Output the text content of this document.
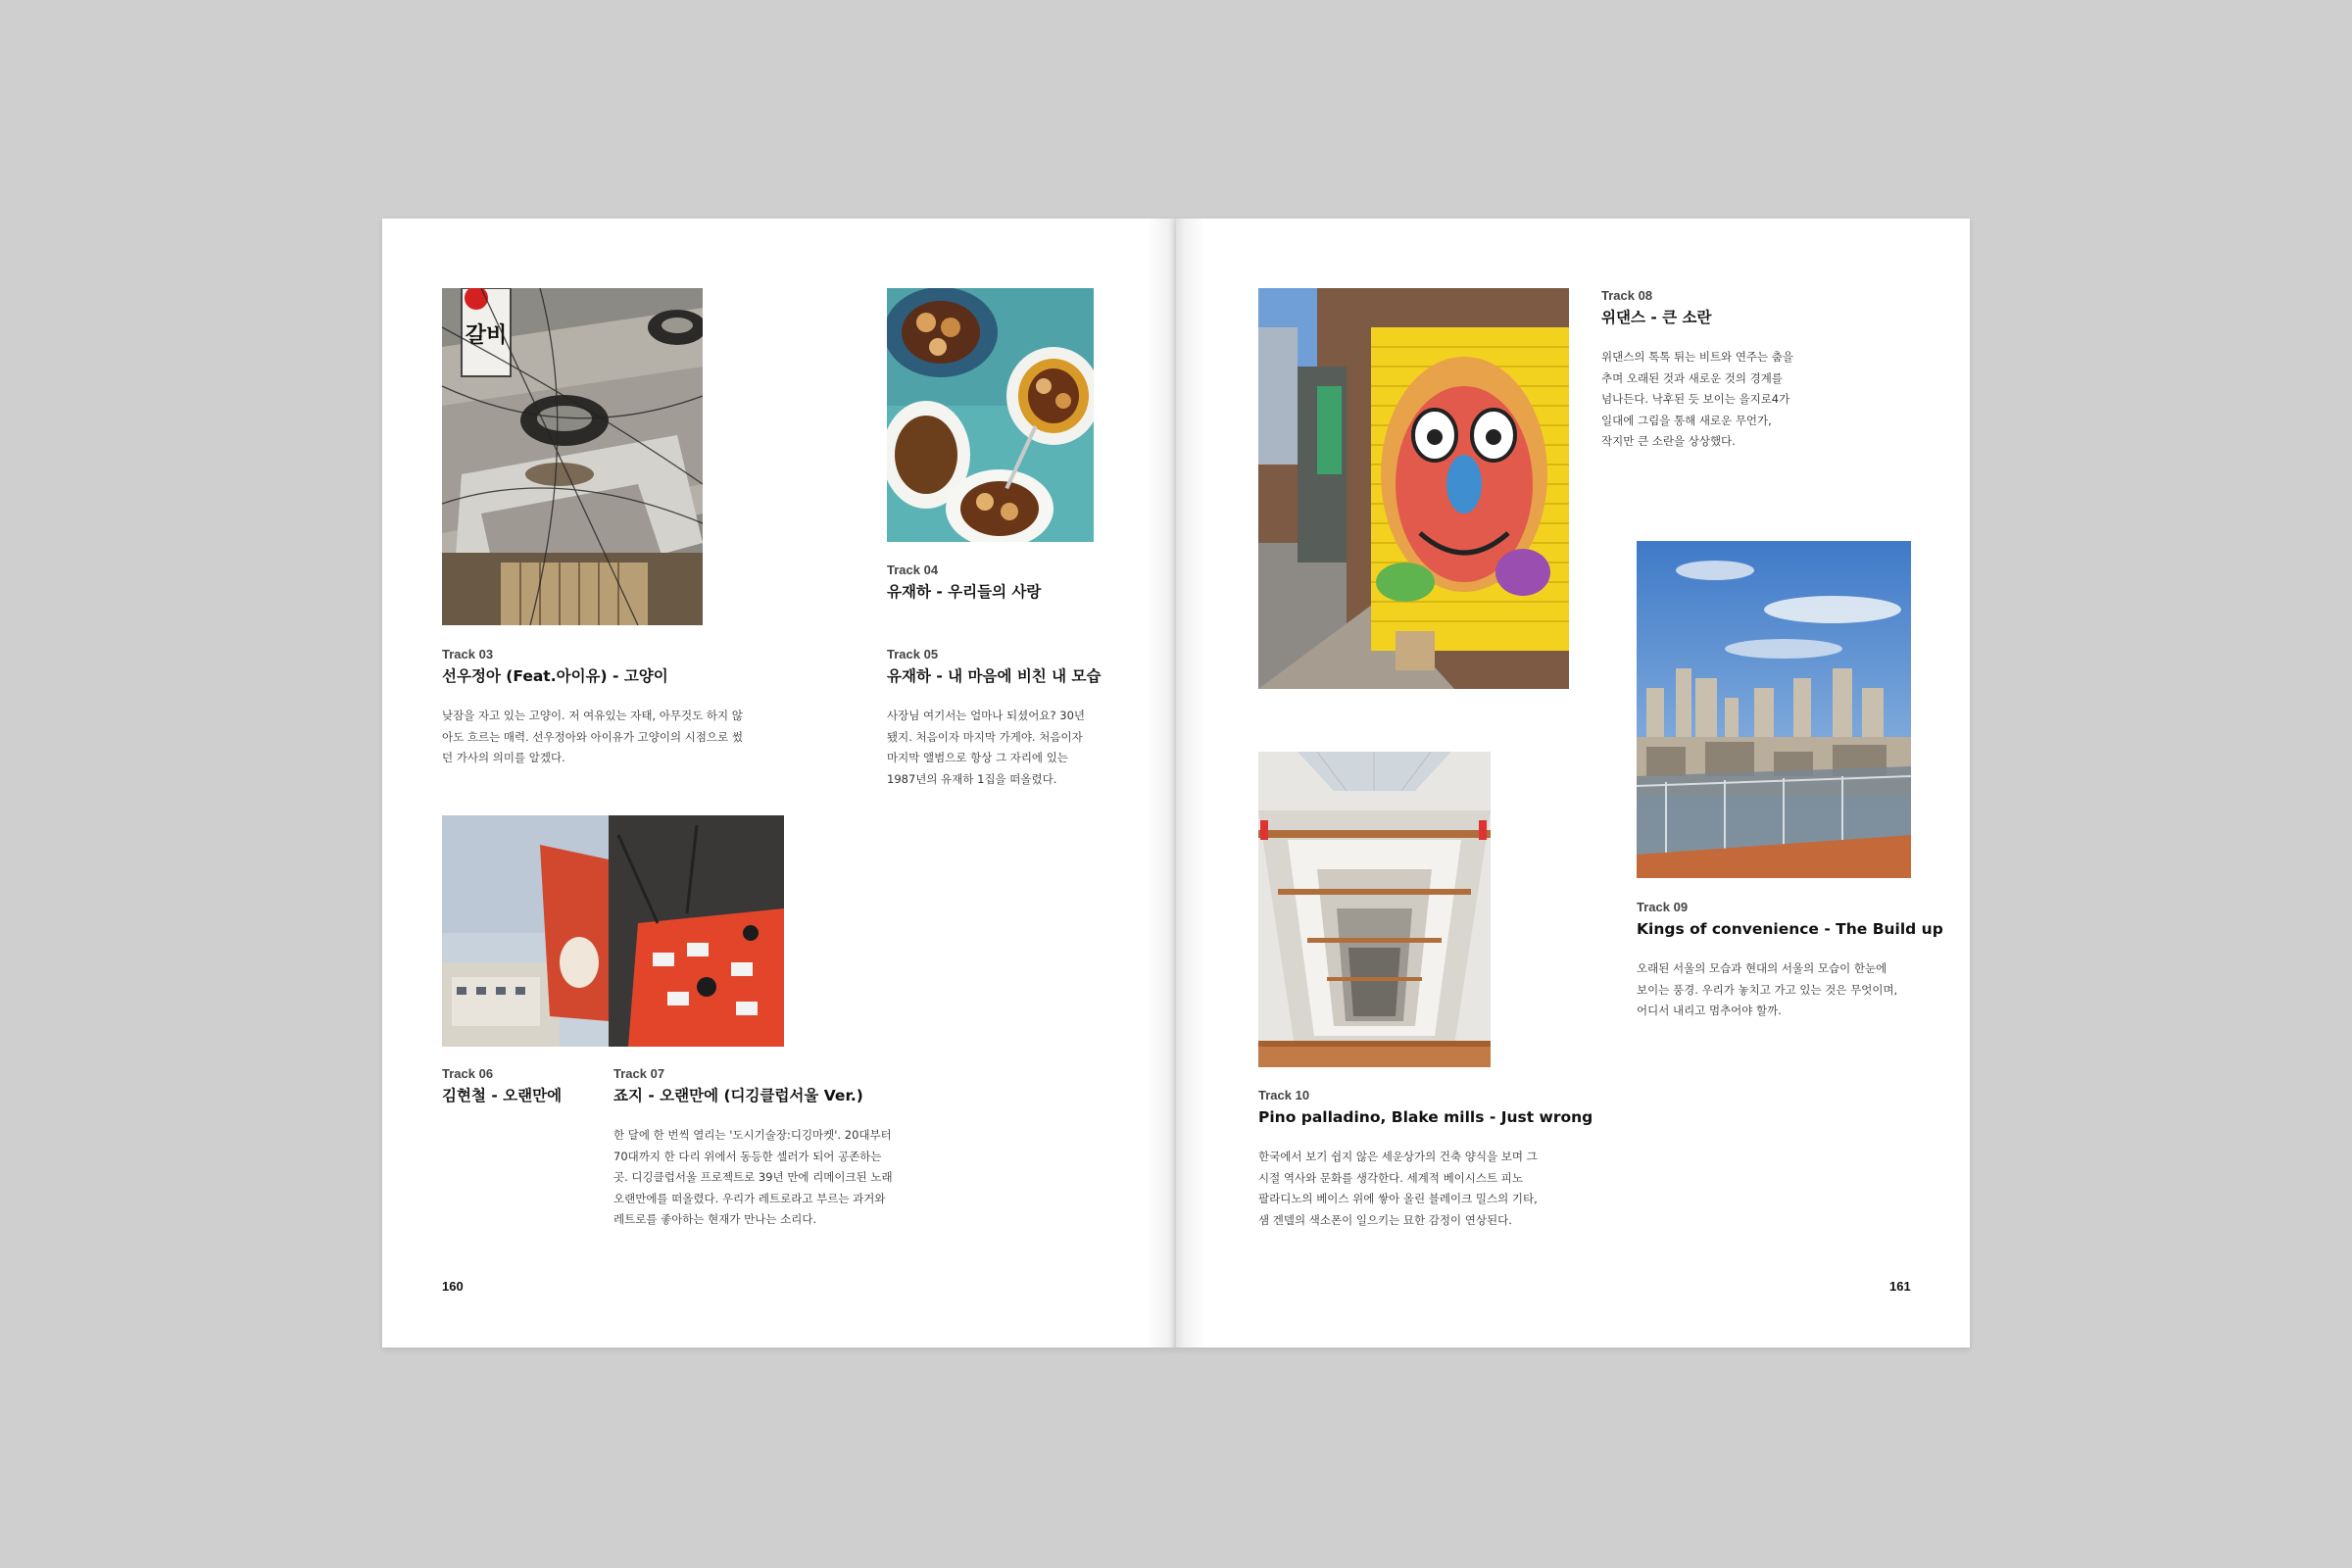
갈비
Track 03
선우정아 (Feat.아이유) - 고양이
낮잠을 자고 있는 고양이. 저 여유있는 자태, 아무것도 하지 않
아도 흐르는 매력. 선우정아와 아이유가 고양이의 시점으로 썼
던 가사의 의미를 알겠다.
Track 04
유재하 - 우리들의 사랑
Track 05
유재하 - 내 마음에 비친 내 모습
사장님 여기서는 얼마나 되셨어요? 30년
됐지. 처음이자 마지막 가게야. 처음이자
마지막 앨범으로 항상 그 자리에 있는
1987년의 유재하 1집을 떠올렸다.
Track 06
김현철 - 오랜만에
Track 07
죠지 - 오랜만에 (디깅클럽서울 Ver.)
한 달에 한 번씩 열리는 '도시기술장:디깅마켓'. 20대부터
70대까지 한 다리 위에서 동등한 셀러가 되어 공존하는
곳. 디깅클럽서울 프로젝트로 39년 만에 리메이크된 노래
오랜만에를 떠올렸다. 우리가 레트로라고 부르는 과거와
레트로를 좋아하는 현재가 만나는 소리다.
160
Track 08
위댄스 - 큰 소란
위댄스의 톡톡 튀는 비트와 연주는 춤을
추며 오래된 것과 새로운 것의 경계를
넘나든다. 낙후된 듯 보이는 을지로4가
일대에 그림을 통해 새로운 무언가,
작지만 큰 소란을 상상했다.
Track 09
Kings of convenience - The Build up
오래된 서울의 모습과 현대의 서울의 모습이 한눈에
보이는 풍경. 우리가 놓치고 가고 있는 것은 무엇이며,
어디서 내리고 멈추어야 할까.
Track 10
Pino palladino, Blake mills - Just wrong
한국에서 보기 쉽지 않은 세운상가의 건축 양식을 보며 그
시절 역사와 문화를 생각한다. 세계적 베이시스트 피노
팔라디노의 베이스 위에 쌓아 올린 블레이크 밀스의 기타,
샘 겐델의 색소폰이 일으키는 묘한 감정이 연상된다.
161
